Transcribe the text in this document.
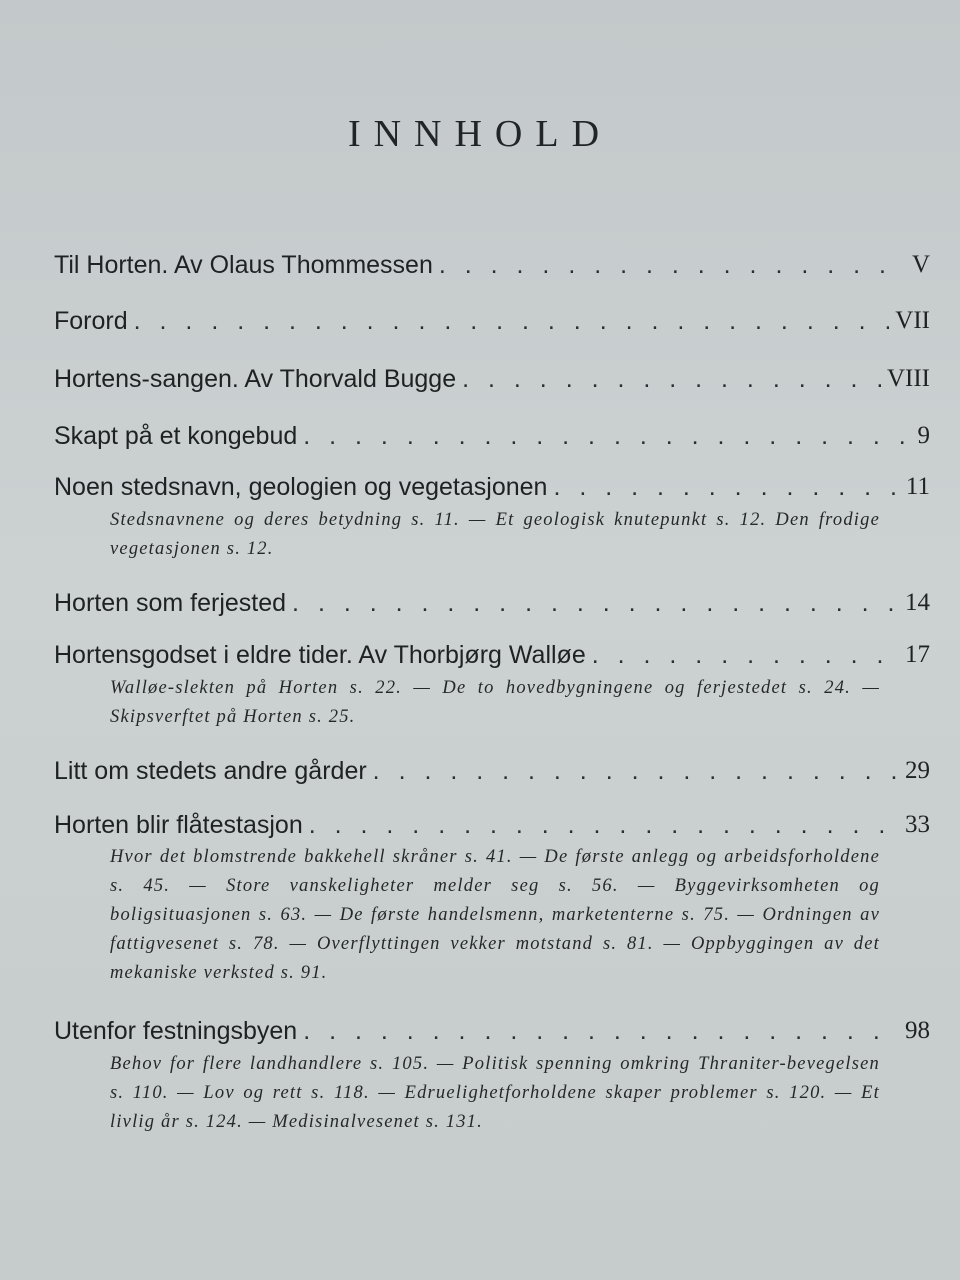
INNHOLD
Til Horten. Av Olaus Thommessen . . .	V
Forord . . .	VII
Hortens-sangen. Av Thorvald Bugge . . .	VIII
Skapt på et kongebud . . .	9
Noen stedsnavn, geologien og vegetasjonen . . .	11

Stedsnavnene og deres betydning s. 11. — Et geologisk knutepunkt s. 12. Den frodige vegetasjonen s. 12.

Horten som ferjested . . .	14
Hortensgodset i eldre tider. Av Thorbjørg Walløe . . .	17

Walløe-slekten på Horten s. 22. — De to hovedbygningene og ferjestedet s. 24. — Skipsverftet på Horten s. 25.

Litt om stedets andre gårder . . .	29
Horten blir flåtestasjon . . .	33

Hvor det blomstrende bakkehell skråner s. 41. — De første anlegg og arbeidsforholdene s. 45. — Store vanskeligheter melder seg s. 56. — Byggevirksomheten og boligsituasjonen s. 63. — De første handelsmenn, marketenterne s. 75. — Ordningen av fattigvesenet s. 78. — Overflyttingen vekker motstand s. 81. — Oppbyggingen av det mekaniske verksted s. 91.

Utenfor festningsbyen . . .	98

Behov for flere landhandlere s. 105. — Politisk spenning omkring Thraniter-bevegelsen s. 110. — Lov og rett s. 118. — Edruelighetforholdene skaper problemer s. 120. — Et livlig år s. 124. — Medisinalvesenet s. 131.
